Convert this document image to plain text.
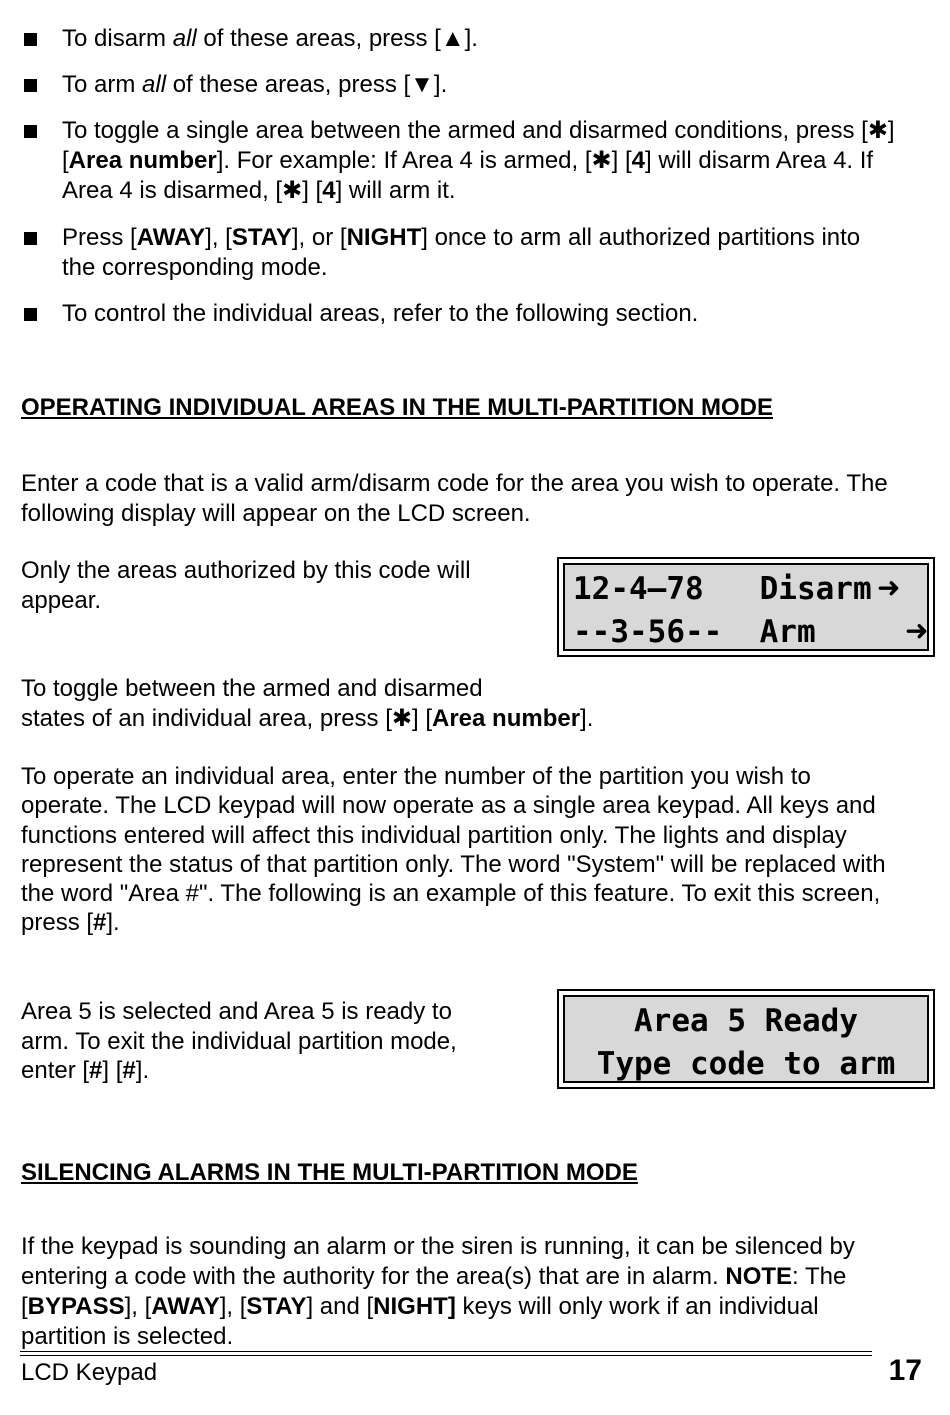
To disarm all of these areas, press [▲].
To arm all of these areas, press [▼].
To toggle a single area between the armed and disarmed conditions, press [✱]
[Area number]. For example: If Area 4 is armed, [✱] [4] will disarm Area 4. If
Area 4 is disarmed, [✱] [4] will arm it.
Press [AWAY], [STAY], or [NIGHT] once to arm all authorized partitions into
the corresponding mode.
To control the individual areas, refer to the following section.
OPERATING INDIVIDUAL AREAS IN THE MULTI-PARTITION MODE
Enter a code that is a valid arm/disarm code for the area you wish to operate. The
following display will appear on the LCD screen.
Only the areas authorized by this code will
appear.	12-4–78   Disarm ➜
--3-56--  Arm	➜
To toggle between the armed and disarmed
states of an individual area, press [✱] [Area number].
To operate an individual area, enter the number of the partition you wish to
operate. The LCD keypad will now operate as a single area keypad. All keys and
functions entered will affect this individual partition only. The lights and display
represent the status of that partition only. The word "System" will be replaced with
the word "Area #". The following is an example of this feature. To exit this screen,
press [#].
Area 5 is selected and Area 5 is ready to
arm. To exit the individual partition mode,
enter [#] [#].
Area 5 Ready
Type code to arm
SILENCING ALARMS IN THE MULTI-PARTITION MODE
If the keypad is sounding an alarm or the siren is running, it can be silenced by
entering a code with the authority for the area(s) that are in alarm. NOTE: The
[BYPASS], [AWAY], [STAY] and [NIGHT] keys will only work if an individual
partition is selected.
LCD Keypad	17
